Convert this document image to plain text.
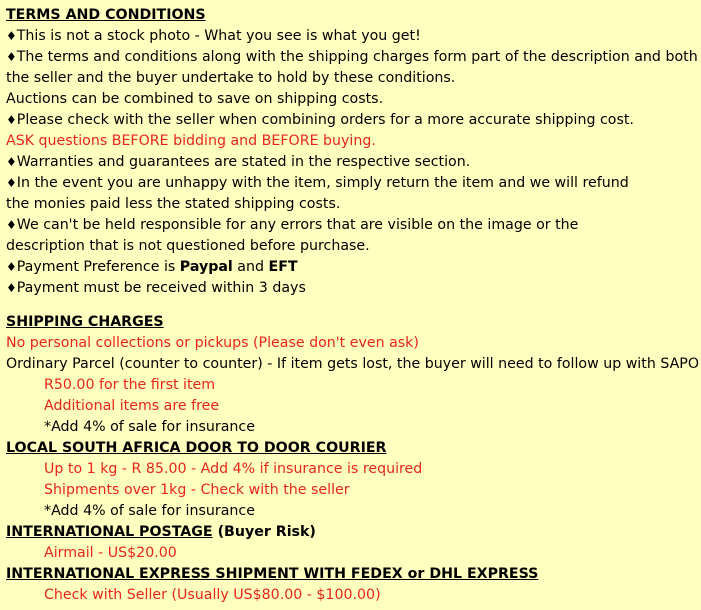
TERMS AND CONDITIONS
♦This is not a stock photo - What you see is what you get!
♦The terms and conditions along with the shipping charges form part of the description and both
the seller and the buyer undertake to hold by these conditions.
Auctions can be combined to save on shipping costs.
♦Please check with the seller when combining orders for a more accurate shipping cost.
ASK questions BEFORE bidding and BEFORE buying.
♦Warranties and guarantees are stated in the respective section.
♦In the event you are unhappy with the item, simply return the item and we will refund
the monies paid less the stated shipping costs.
♦We can't be held responsible for any errors that are visible on the image or the
description that is not questioned before purchase.
♦Payment Preference is Paypal and EFT
♦Payment must be received within 3 days
SHIPPING CHARGES
No personal collections or pickups (Please don't even ask)
Ordinary Parcel (counter to counter) - If item gets lost, the buyer will need to follow up with SAPO
R50.00 for the first item
Additional items are free
*Add 4% of sale for insurance
LOCAL SOUTH AFRICA DOOR TO DOOR COURIER
Up to 1 kg - R 85.00 - Add 4% if insurance is required
Shipments over 1kg - Check with the seller
*Add 4% of sale for insurance
INTERNATIONAL POSTAGE (Buyer Risk)
Airmail - US$20.00
INTERNATIONAL EXPRESS SHIPMENT WITH FEDEX or DHL EXPRESS
Check with Seller (Usually US$80.00 - $100.00)
